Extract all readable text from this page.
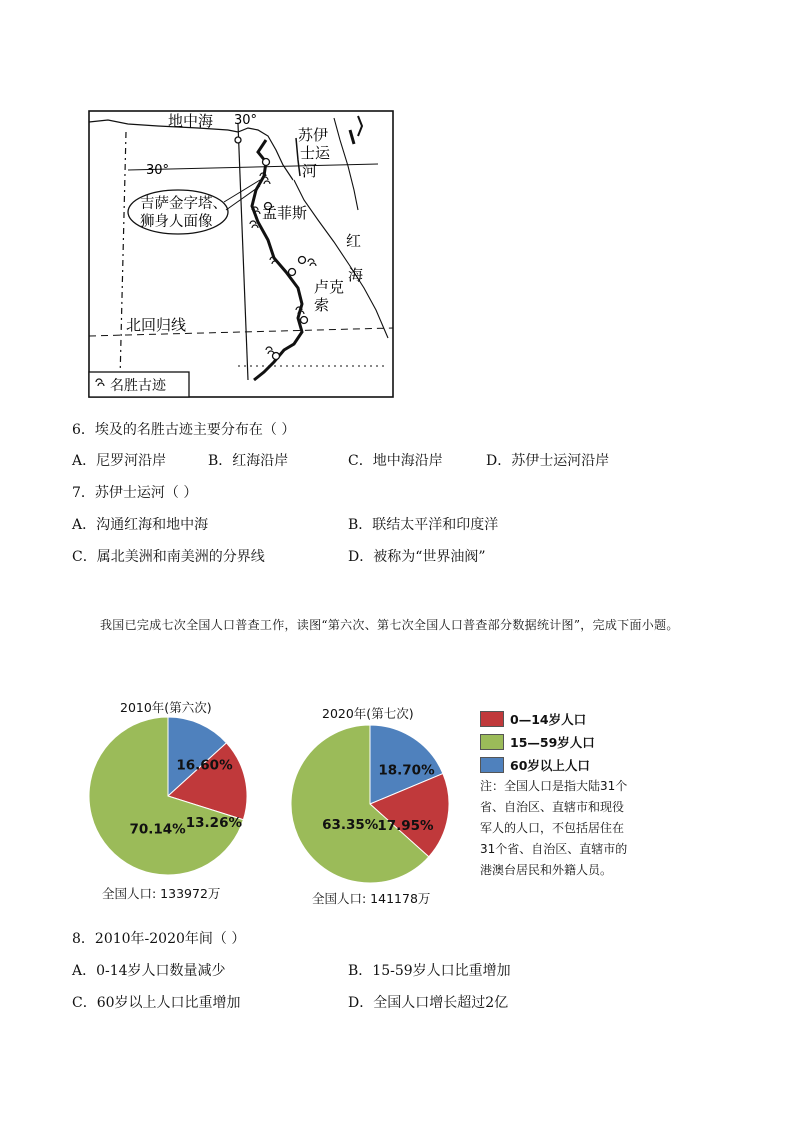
地中海 30°
30°
苏伊
士运
河
吉萨金字塔、
狮身人面像	孟菲斯
红
海
卢克
索
北回归线
名胜古迹
6．埃及的名胜古迹主要分布在（ ）
A．尼罗河沿岸	B．红海沿岸	C．地中海沿岸	D．苏伊士运河沿岸
7．苏伊士运河（ ）
A．沟通红海和地中海	B．联结太平洋和印度洋
C．属北美洲和南美洲的分界线	D．被称为“世界油阀”
我国已完成七次全国人口普查工作，读图“第六次、第七次全国人口普查部分数据统计图”，完成下面小题。
2010年(第六次)	2020年(第七次)
13.26%
16.60%
70.14%
18.70%
17.95%
63.35%
全国人口: 133972万	全国人口: 141178万
0—14岁人口
15—59岁人口
60岁以上人口
注：全国人口是指大陆31个省、自治区、直辖市和现役军人的人口，不包括居住在31个省、自治区、直辖市的港澳台居民和外籍人员。
8．2010年-2020年间（ ）
A．0-14岁人口数量减少	B．15-59岁人口比重增加
C．60岁以上人口比重增加	D．全国人口增长超过2亿
